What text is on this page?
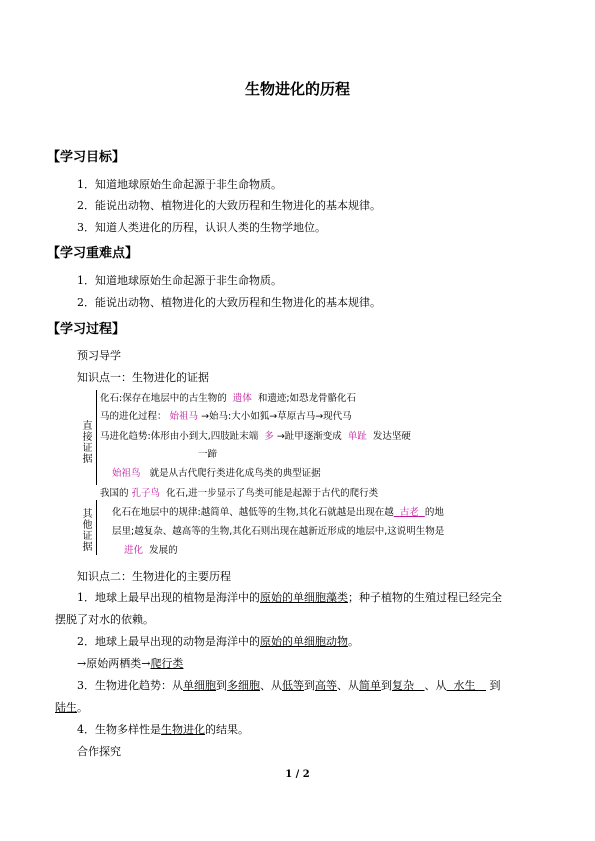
生物进化的历程
【学习目标】
1．知道地球原始生命起源于非生命物质。
2．能说出动物、植物进化的大致历程和生物进化的基本规律。
3．知道人类进化的历程，认识人类的生物学地位。
【学习重难点】
1．知道地球原始生命起源于非生命物质。
2．能说出动物、植物进化的大致历程和生物进化的基本规律。
【学习过程】
预习导学
知识点一：生物进化的证据
直接证据
其他证据
化石:保存在地层中的古生物的 遗体 和遗迹;如恐龙骨骼化石
马的进化过程： 始祖马 →始马:大小如狐→草原古马→现代马
马进化趋势:体形由小到大,四肢趾末端 多 →趾甲逐渐变成 单趾 发达坚硬
一蹄
始祖鸟 就是从古代爬行类进化成鸟类的典型证据
我国的 孔子鸟 化石,进一步显示了鸟类可能是起源于古代的爬行类
化石在地层中的规律:越简单、越低等的生物,其化石就越是出现在越 古老 的地
层里;越复杂、越高等的生物,其化石则出现在越新近形成的地层中,这说明生物是
进化 发展的
知识点二：生物进化的主要历程
1．地球上最早出现的植物是海洋中的原始的单细胞藻类；种子植物的生殖过程已经完全
摆脱了对水的依赖。
2．地球上最早出现的动物是海洋中的原始的单细胞动物。
→原始两栖类→爬行类
3．生物进化趋势：从单细胞到多细胞、从低等到高等、从简单到复杂 、从 水生 到
陆生。
4．生物多样性是生物进化的结果。
合作探究
1 / 2
